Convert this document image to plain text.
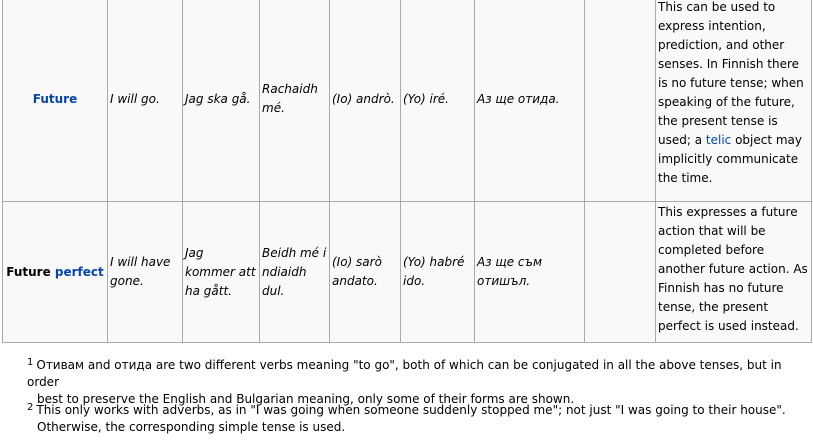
Future	I will go.	Jag ska gå.	Rachaidh mé.	(Io) andrò.	(Yo) iré.	Аз ще отида.		This can be used to express intention, prediction, and other senses. In Finnish there is no future tense; when speaking of the future, the present tense is used; a telic object may implicitly communicate the time.
Future perfect	I will have gone.	Jag kommer att ha gått.	Beidh mé i ndiaidh dul.	(Io) sarò andato.	(Yo) habré ido.	Аз ще съм отишъл.		This expresses a future action that will be completed before another future action. As Finnish has no future tense, the present perfect is used instead.
$^1$ Отивам and отида are two different verbs meaning "to go", both of which can be conjugated in all the above tenses, but in order
best to preserve the English and Bulgarian meaning, only some of their forms are shown.
$^2$ This only works with adverbs, as in "I was going when someone suddenly stopped me"; not just "I was going to their house".
Otherwise, the corresponding simple tense is used.
